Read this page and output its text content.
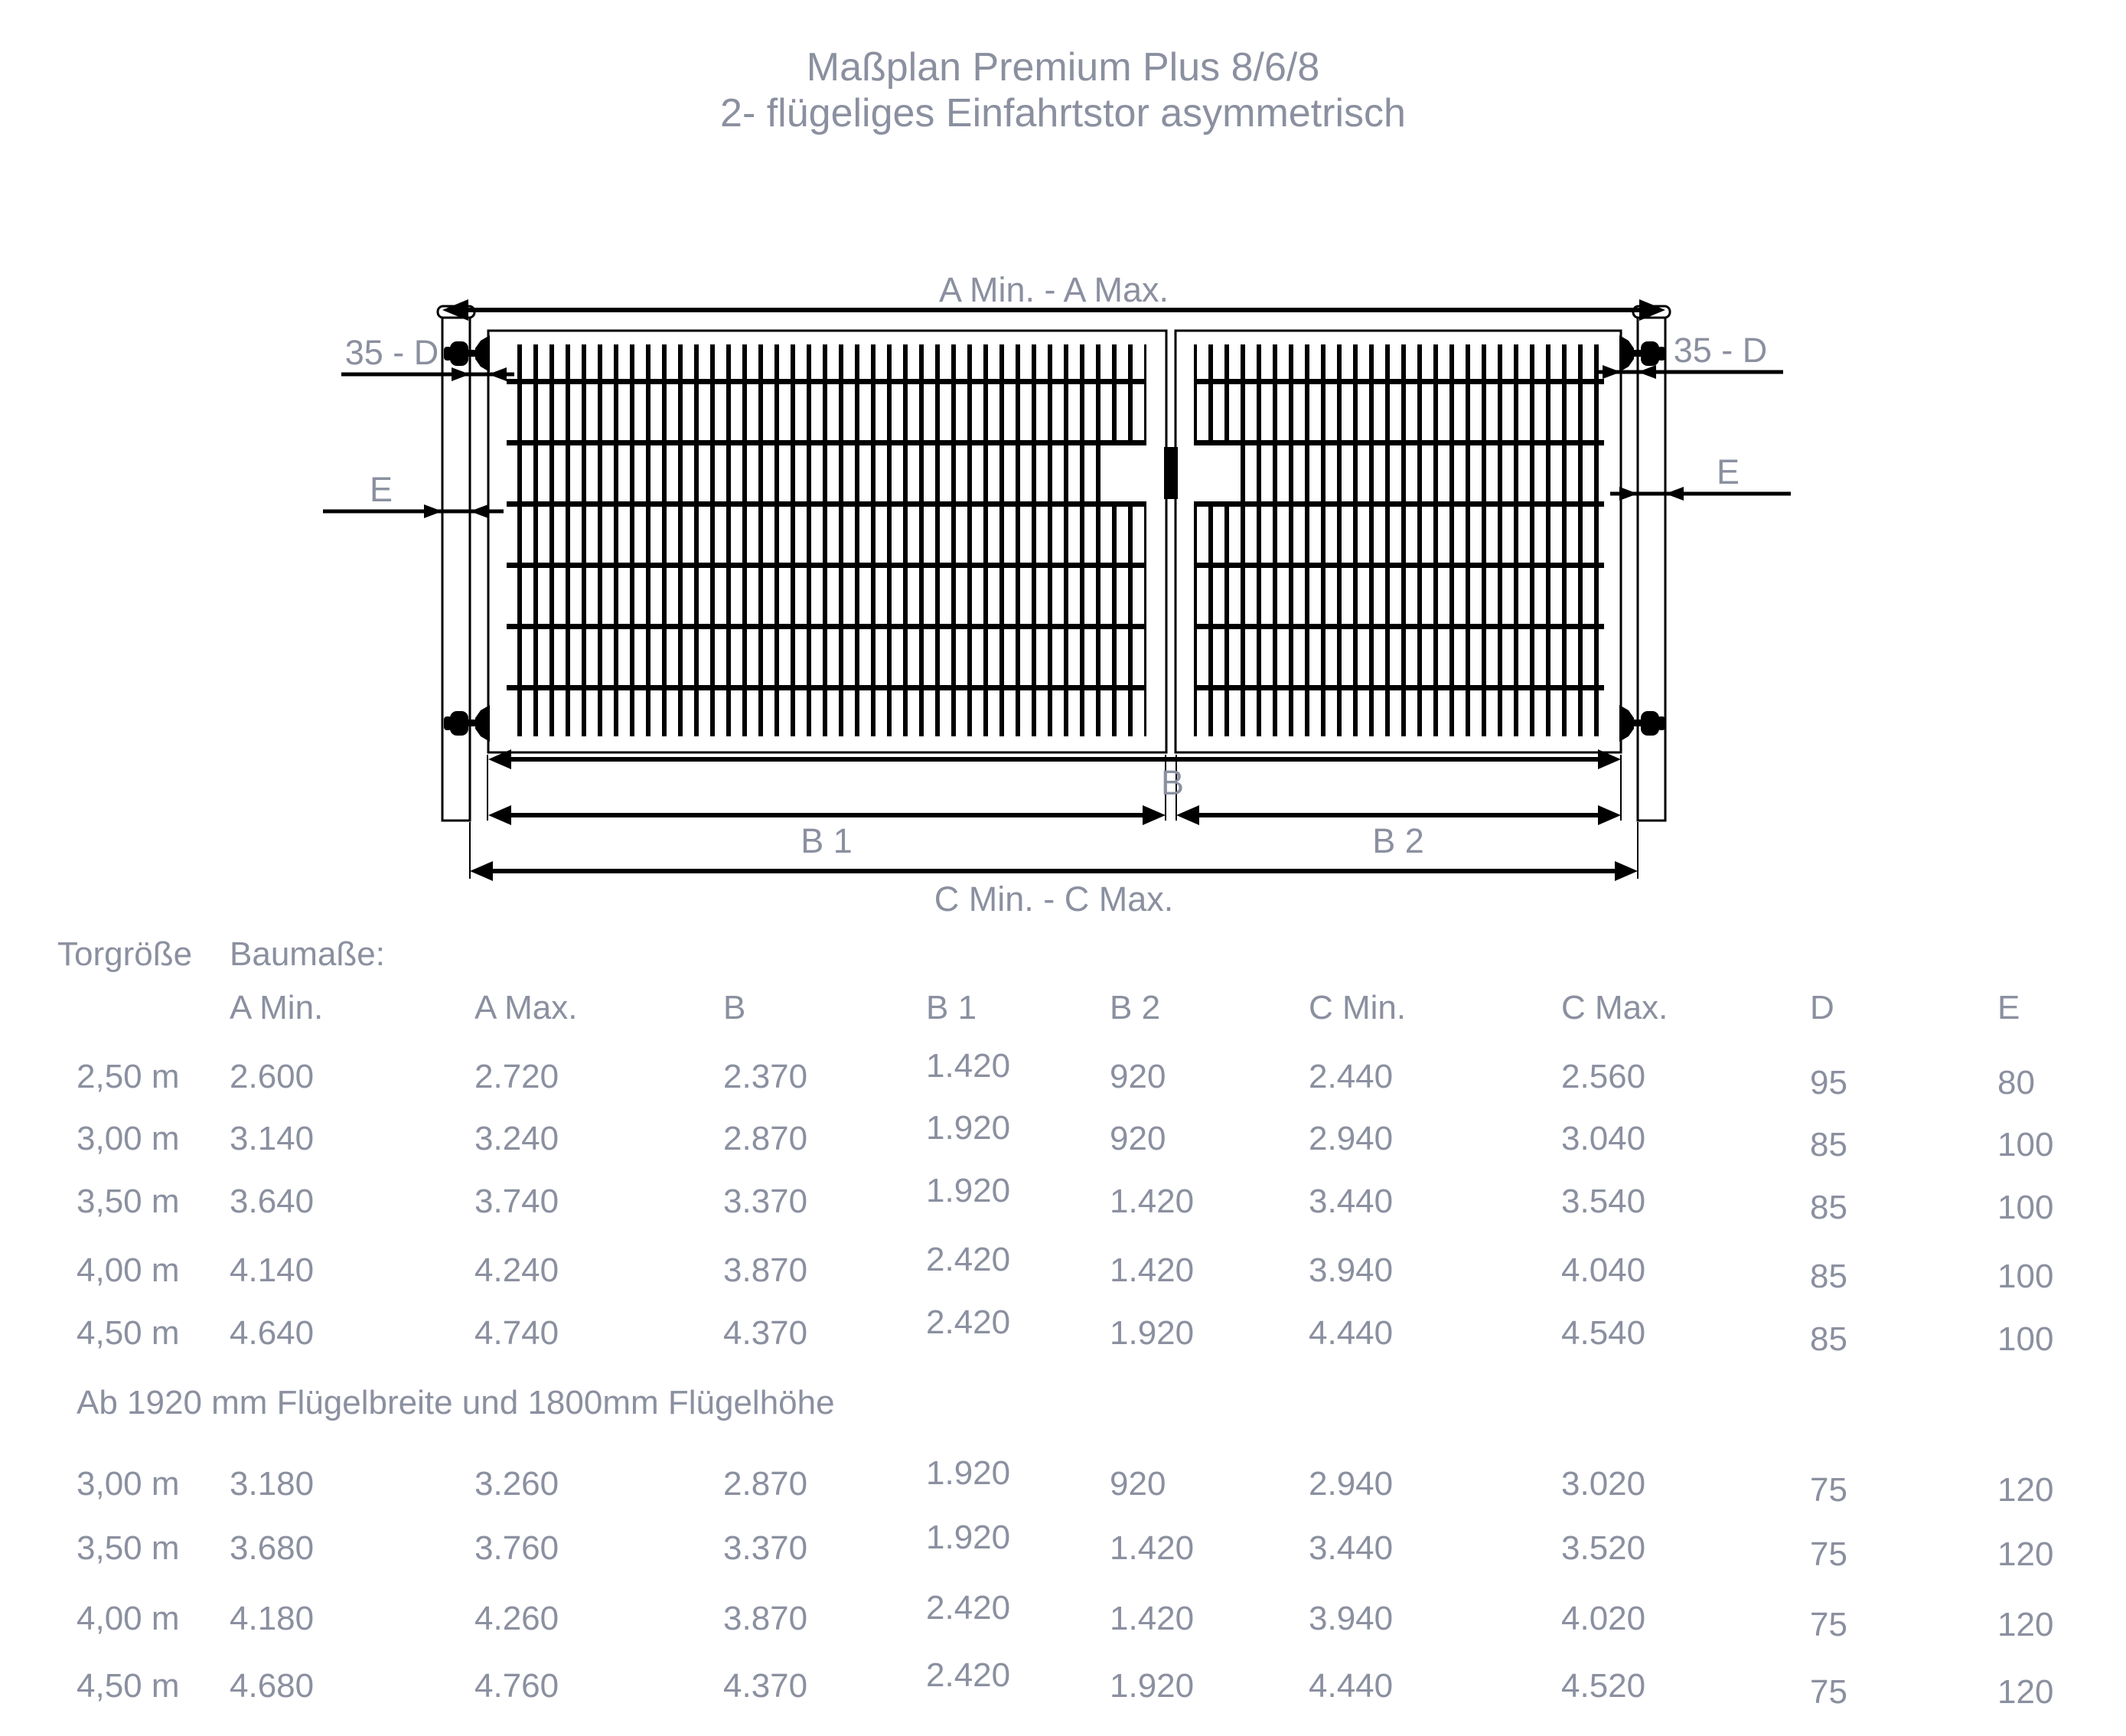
Maßplan Premium Plus 8/6/8
2- flügeliges Einfahrtstor asymmetrisch
A Min. - A Max.
35 - D	35 - D
E	E
B
B 1	B 2
C Min. - C Max.
Torgröße Baumaße:
A Min.	A Max.	B	B 1	B 2	C Min.	C Max.	D	E
Ab 1920 mm Flügelbreite und 1800mm Flügelhöhe
2,50 m 2.600	2.720	2.370	1.420	920	2.440	2.560	95	80
3,00 m 3.140	3.240	2.870	1.920	920	2.940	3.040	85	100
3,50 m 3.640	3.740	3.370	1.920	1.420	3.440	3.540	85	100
4,00 m 4.140	4.240	3.870	2.420	1.420	3.940	4.040	85	100
4,50 m 4.640	4.740	4.370	2.420	1.920	4.440	4.540	85	100
3,00 m 3.180	3.260	2.870	1.920	920	2.940	3.020	75	120
3,50 m 3.680	3.760	3.370	1.920	1.420	3.440	3.520	75	120
4,00 m 4.180	4.260	3.870	2.420	1.420	3.940	4.020	75	120
4,50 m 4.680	4.760	4.370	2.420	1.920	4.440	4.520	75	120
